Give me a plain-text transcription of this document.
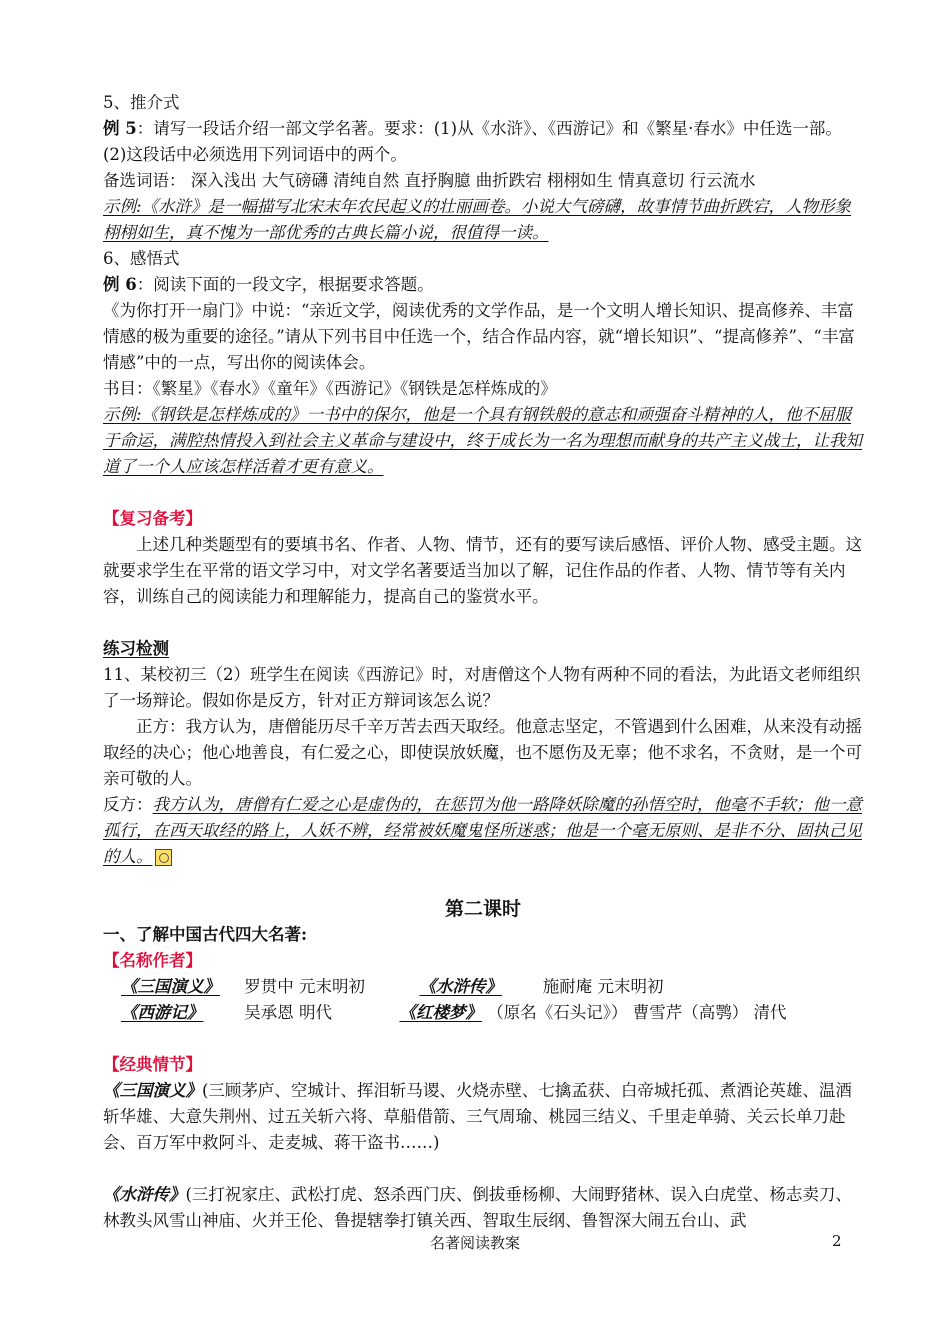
5、推介式

例 5：请写一段话介绍一部文学名著。要求：(1)从《水浒》、《西游记》和《繁星·春水》中任选一部。(2)这段话中必须选用下列词语中的两个。

备选词语： 深入浅出 大气磅礴 清纯自然 直抒胸臆 曲折跌宕 栩栩如生 情真意切 行云流水

示例:《水浒》是一幅描写北宋末年农民起义的壮丽画卷。小说大气磅礴，故事情节曲折跌宕，人物形象栩栩如生，真不愧为一部优秀的古典长篇小说，很值得一读。

6、感悟式

例 6：阅读下面的一段文字，根据要求答题。

《为你打开一扇门》中说：“亲近文学，阅读优秀的文学作品，是一个文明人增长知识、提高修养、丰富情感的极为重要的途径。”请从下列书目中任选一个，结合作品内容，就“增长知识”、“提高修养”、“丰富情感”中的一点，写出你的阅读体会。

书目：《繁星》《春水》《童年》《西游记》《钢铁是怎样炼成的》

示例:《钢铁是怎样炼成的》一书中的保尔，他是一个具有钢铁般的意志和顽强奋斗精神的人，他不屈服于命运，满腔热情投入到社会主义革命与建设中，终于成长为一名为理想而献身的共产主义战士，让我知道了一个人应该怎样活着才更有意义。

【复习备考】

上述几种类题型有的要填书名、作者、人物、情节，还有的要写读后感悟、评价人物、感受主题。这就要求学生在平常的语文学习中，对文学名著要适当加以了解，记住作品的作者、人物、情节等有关内容，训练自己的阅读能力和理解能力，提高自己的鉴赏水平。

练习检测

11、某校初三（2）班学生在阅读《西游记》时，对唐僧这个人物有两种不同的看法，为此语文老师组织了一场辩论。假如你是反方，针对正方辩词该怎么说？

正方：我方认为，唐僧能历尽千辛万苦去西天取经。他意志坚定，不管遇到什么困难，从来没有动摇取经的决心；他心地善良，有仁爱之心，即使误放妖魔，也不愿伤及无辜；他不求名，不贪财，是一个可亲可敬的人。

反方：我方认为，唐僧有仁爱之心是虚伪的，在惩罚为他一路降妖除魔的孙悟空时，他毫不手软；他一意孤行，在西天取经的路上，人妖不辨，经常被妖魔鬼怪所迷惑；他是一个毫无原则、是非不分、固执己见的人。

第二课时

一、了解中国古代四大名著:

【名称作者】

《三国演义》 罗贯中 元末明初	《水浒传》 施耐庵 元末明初

《西游记》 吴承恩 明代	《红楼梦》 （原名《石头记》） 曹雪芹（高鹗） 清代

【经典情节】

《三国演义》(三顾茅庐、空城计、挥泪斩马谡、火烧赤壁、七擒孟获、白帝城托孤、煮酒论英雄、温酒斩华雄、大意失荆州、过五关斩六将、草船借箭、三气周瑜、桃园三结义、千里走单骑、关云长单刀赴会、百万军中救阿斗、走麦城、蒋干盗书……)

《水浒传》(三打祝家庄、武松打虎、怒杀西门庆、倒拔垂杨柳、大闹野猪林、误入白虎堂、杨志卖刀、林教头风雪山神庙、火并王伦、鲁提辖拳打镇关西、智取生辰纲、鲁智深大闹五台山、武

名著阅读教案	2
